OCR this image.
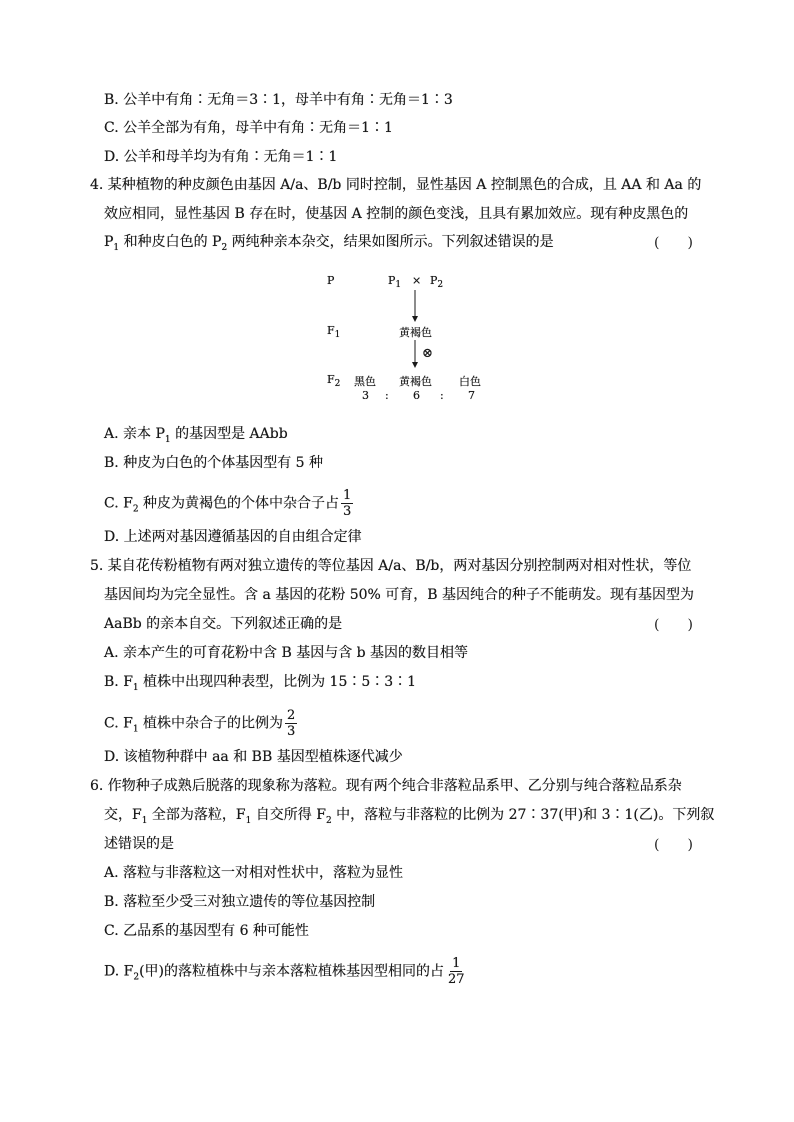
B. 公羊中有角∶无角＝3∶1，母羊中有角∶无角＝1∶3
C. 公羊全部为有角，母羊中有角∶无角＝1∶1
D. 公羊和母羊均为有角∶无角＝1∶1
4. 某种植物的种皮颜色由基因 A/a、B/b 同时控制，显性基因 A 控制黑色的合成，且 AA 和 Aa 的
效应相同，显性基因 B 存在时，使基因 A 控制的颜色变浅，且具有累加效应。现有种皮黑色的
$P_1$ 和种皮白色的 $P_2$ 两纯种亲本杂交，结果如图所示。下列叙述错误的是	(　　)
P	$P_1 \times P_2$
$F_1$	黄褐色
⊗
$F_2$ 黑色 黄褐色 白色
3 : 6 : 7
A. 亲本 $P_1$ 的基因型是 AAbb
B. 种皮为白色的个体基因型有 5 种
C. $F_2$ 种皮为黄褐色的个体中杂合子占 $\frac{1}{3}$
D. 上述两对基因遵循基因的自由组合定律
5. 某自花传粉植物有两对独立遗传的等位基因 A/a、B/b，两对基因分别控制两对相对性状，等位
基因间均为完全显性。含 a 基因的花粉 50% 可育，B 基因纯合的种子不能萌发。现有基因型为
AaBb 的亲本自交。下列叙述正确的是	(　　)
A. 亲本产生的可育花粉中含 B 基因与含 b 基因的数目相等
B. $F_1$ 植株中出现四种表型，比例为 15∶5∶3∶1
C. $F_1$ 植株中杂合子的比例为 $\frac{2}{3}$
D. 该植物种群中 aa 和 BB 基因型植株逐代减少
6. 作物种子成熟后脱落的现象称为落粒。现有两个纯合非落粒品系甲、乙分别与纯合落粒品系杂
交，$F_1$ 全部为落粒，$F_1$ 自交所得 $F_2$ 中，落粒与非落粒的比例为 27∶37(甲)和 3∶1(乙)。下列叙
述错误的是	(　　)
A. 落粒与非落粒这一对相对性状中，落粒为显性
B. 落粒至少受三对独立遗传的等位基因控制
C. 乙品系的基因型有 6 种可能性
D. $F_2$(甲)的落粒植株中与亲本落粒植株基因型相同的占 $\frac{1}{27}$
